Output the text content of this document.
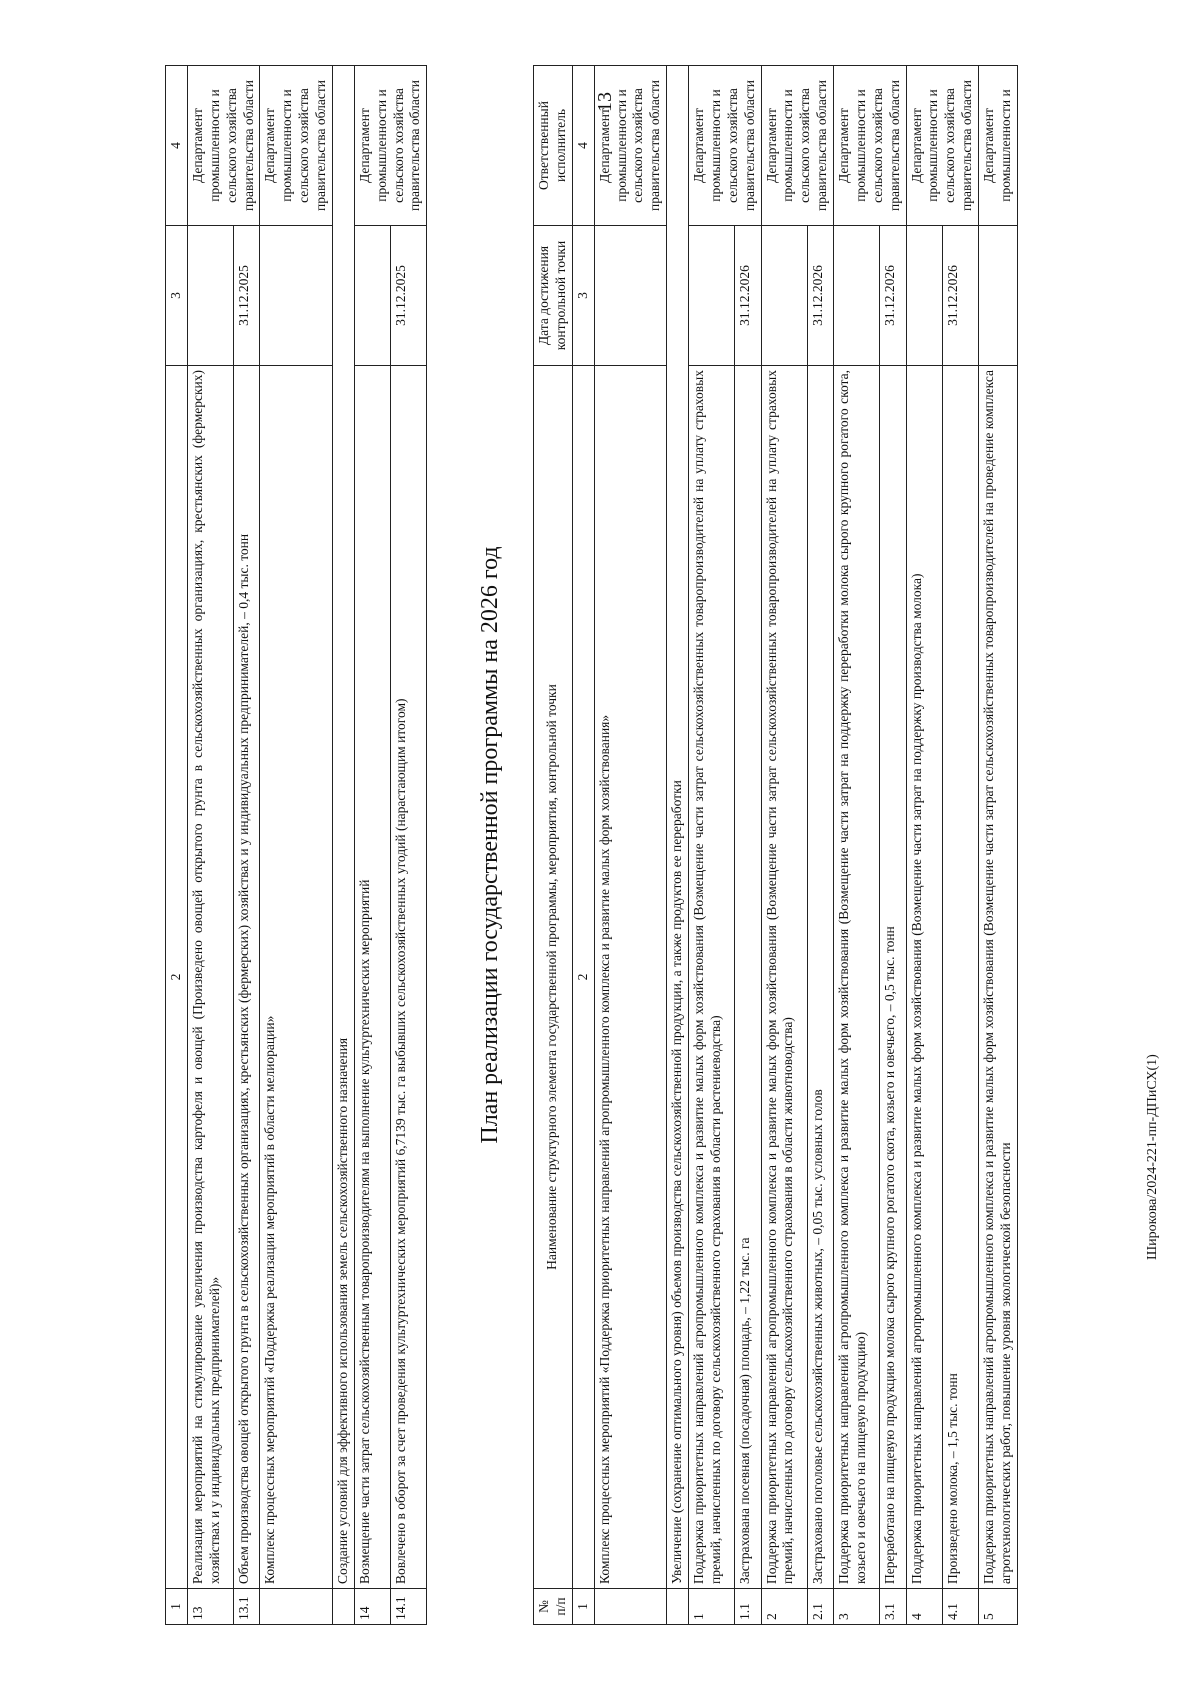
13
1	2	3	4
13	Реализация мероприятий на стимулирование увеличения производства картофеля и овощей (Произведено овощей открытого грунта в сельскохозяйственных организациях, крестьянских (фермерских) хозяйствах и у индивидуальных предпринимателей)»		Департамент промышленности и сельского хозяйства правительства области
13.1	Объем производства овощей открытого грунта в сельскохозяйственных организациях, крестьянских (фермерских) хозяйствах и у индивидуальных предпринимателей, – 0,4 тыс. тонн	31.12.2025	
	Комплекс процессных мероприятий «Поддержка реализации мероприятий в области мелиорации»		Департамент промышленности и сельского хозяйства правительства области
	Создание условий для эффективного использования земель сельскохозяйственного назначения		
14	Возмещение части затрат сельскохозяйственным товаропроизводителям на выполнение культуртехнических мероприятий		Департамент промышленности и сельского хозяйства правительства области
14.1	Вовлечено в оборот за счет проведения культуртехнических мероприятий 6,7139 тыс. га выбывших сельскохозяйственных угодий (нарастающим итогом)	31.12.2025	
План реализации государственной программы на 2026 год
№ п/п	Наименование структурного элемента государственной программы, мероприятия, контрольной точки	Дата достижения контрольной точки	Ответственный исполнитель
1	2	3	4
	Комплекс процессных мероприятий «Поддержка приоритетных направлений агропромышленного комплекса и развитие малых форм хозяйствования»		Департамент промышленности и сельского хозяйства правительства области
	Увеличение (сохранение оптимального уровня) объемов производства сельскохозяйственной продукции, а также продуктов ее переработки		
1	Поддержка приоритетных направлений агропромышленного комплекса и развитие малых форм хозяйствования (Возмещение части затрат сельскохозяйственных товаропроизводителей на уплату страховых премий, начисленных по договору сельскохозяйственного страхования в области растениеводства)		Департамент промышленности и сельского хозяйства правительства области
1.1	Застрахована посевная (посадочная) площадь, – 1,22 тыс. га	31.12.2026	
2	Поддержка приоритетных направлений агропромышленного комплекса и развитие малых форм хозяйствования (Возмещение части затрат сельскохозяйственных товаропроизводителей на уплату страховых премий, начисленных по договору сельскохозяйственного страхования в области животноводства)		Департамент промышленности и сельского хозяйства правительства области
2.1	Застраховано поголовье сельскохозяйственных животных, – 0,05 тыс. условных голов	31.12.2026	
3	Поддержка приоритетных направлений агропромышленного комплекса и развитие малых форм хозяйствования (Возмещение части затрат на поддержку переработки молока сырого крупного рогатого скота, козьего и овечьего на пищевую продукцию)		Департамент промышленности и сельского хозяйства правительства области
3.1	Переработано на пищевую продукцию молока сырого крупного рогатого скота, козьего и овечьего, – 0,5 тыс. тонн	31.12.2026	
4	Поддержка приоритетных направлений агропромышленного комплекса и развитие малых форм хозяйствования (Возмещение части затрат на поддержку производства молока)		Департамент промышленности и сельского хозяйства правительства области
4.1	Произведено молока, – 1,5 тыс. тонн	31.12.2026	
5	Поддержка приоритетных направлений агропромышленного комплекса и развитие малых форм хозяйствования (Возмещение части затрат сельскохозяйственных товаропроизводителей на проведение комплекса агротехнологических работ, повышение уровня экологической безопасности		Департамент промышленности и
Широкова/2024-221-пп-ДПиСХ(1)
